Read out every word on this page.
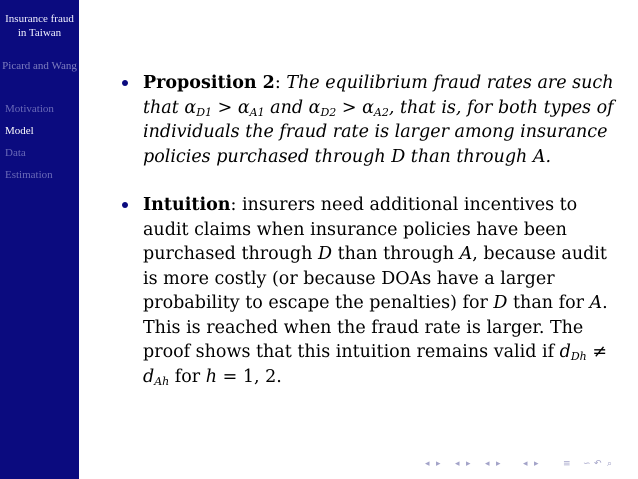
Insurance fraud in Taiwan
Picard and Wang
Motivation
Model
Data
Estimation
Proposition 2: The equilibrium fraud rates are such that $\alpha_{D1} > \alpha_{A1}$ and $\alpha_{D2} > \alpha_{A2}$, that is, for both types of individuals the fraud rate is larger among insurance policies purchased through D than through A.
Intuition: insurers need additional incentives to audit claims when insurance policies have been purchased through D than through A, because audit is more costly (or because DOAs have a larger probability to escape the penalties) for D than for A. This is reached when the fraud rate is larger. The proof shows that this intuition remains valid if $d_{Dh} \ne d_{Ah}$ for h = 1, 2.
◂ ▸ ◂ ▸ ◂ ▸ ◂ ▸	≡ ∽ ↶ ⌕
